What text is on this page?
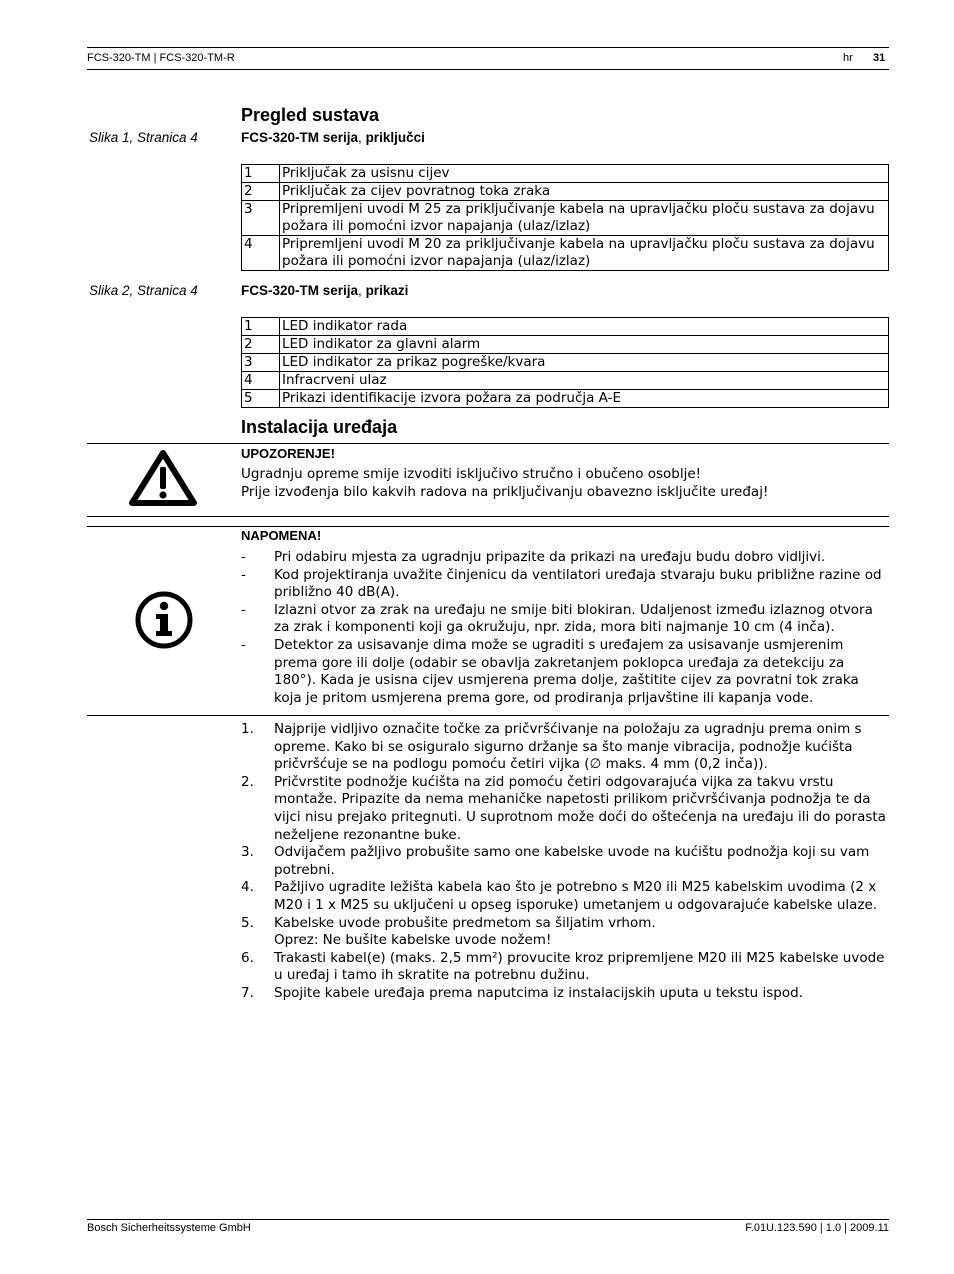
FCS-320-TM | FCS-320-TM-R	hr 31
Pregled sustava
Slika 1, Stranica 4	FCS-320-TM serija, priključci
1	Priključak za usisnu cijev
2	Priključak za cijev povratnog toka zraka
3	Pripremljeni uvodi M 25 za priključivanje kabela na upravljačku ploču sustava za dojavu požara ili pomoćni izvor napajanja (ulaz/izlaz)
4	Pripremljeni uvodi M 20 za priključivanje kabela na upravljačku ploču sustava za dojavu požara ili pomoćni izvor napajanja (ulaz/izlaz)
Slika 2, Stranica 4	FCS-320-TM serija, prikazi
1	LED indikator rada
2	LED indikator za glavni alarm
3	LED indikator za prikaz pogreške/kvara
4	Infracrveni ulaz
5	Prikazi identifikacije izvora požara za područja A-E
Instalacija uređaja
UPOZORENJE!
Ugradnju opreme smije izvoditi isključivo stručno i obučeno osoblje!
Prije izvođenja bilo kakvih radova na priključivanju obavezno isključite uređaj!
NAPOMENA!
- Pri odabiru mjesta za ugradnju pripazite da prikazi na uređaju budu dobro vidljivi.
- Kod projektiranja uvažite činjenicu da ventilatori uređaja stvaraju buku približne razine od približno 40 dB(A).
- Izlazni otvor za zrak na uređaju ne smije biti blokiran. Udaljenost između izlaznog otvora za zrak i komponenti koji ga okružuju, npr. zida, mora biti najmanje 10 cm (4 inča).
- Detektor za usisavanje dima može se ugraditi s uređajem za usisavanje usmjerenim prema gore ili dolje (odabir se obavlja zakretanjem poklopca uređaja za detekciju za 180°). Kada je usisna cijev usmjerena prema dolje, zaštitite cijev za povratni tok zraka koja je pritom usmjerena prema gore, od prodiranja prljavštine ili kapanja vode.
1. Najprije vidljivo označite točke za pričvršćivanje na položaju za ugradnju prema onim s opreme. Kako bi se osiguralo sigurno držanje sa što manje vibracija, podnožje kućišta pričvršćuje se na podlogu pomoću četiri vijka (∅ maks. 4 mm (0,2 inča)).
2. Pričvrstite podnožje kućišta na zid pomoću četiri odgovarajuća vijka za takvu vrstu montaže. Pripazite da nema mehaničke napetosti prilikom pričvršćivanja podnožja te da vijci nisu prejako pritegnuti. U suprotnom može doći do oštećenja na uređaju ili do porasta neželjene rezonantne buke.
3. Odvijačem pažljivo probušite samo one kabelske uvode na kućištu podnožja koji su vam potrebni.
4. Pažljivo ugradite ležišta kabela kao što je potrebno s M20 ili M25 kabelskim uvodima (2 x M20 i 1 x M25 su uključeni u opseg isporuke) umetanjem u odgovarajuće kabelske ulaze.
5. Kabelske uvode probušite predmetom sa šiljatim vrhom.
Oprez: Ne bušite kabelske uvode nožem!
6. Trakasti kabel(e) (maks. 2,5 mm²) provucite kroz pripremljene M20 ili M25 kabelske uvode u uređaj i tamo ih skratite na potrebnu dužinu.
7. Spojite kabele uređaja prema naputcima iz instalacijskih uputa u tekstu ispod.
Bosch Sicherheitssysteme GmbH	F.01U.123.590 | 1.0 | 2009.11
